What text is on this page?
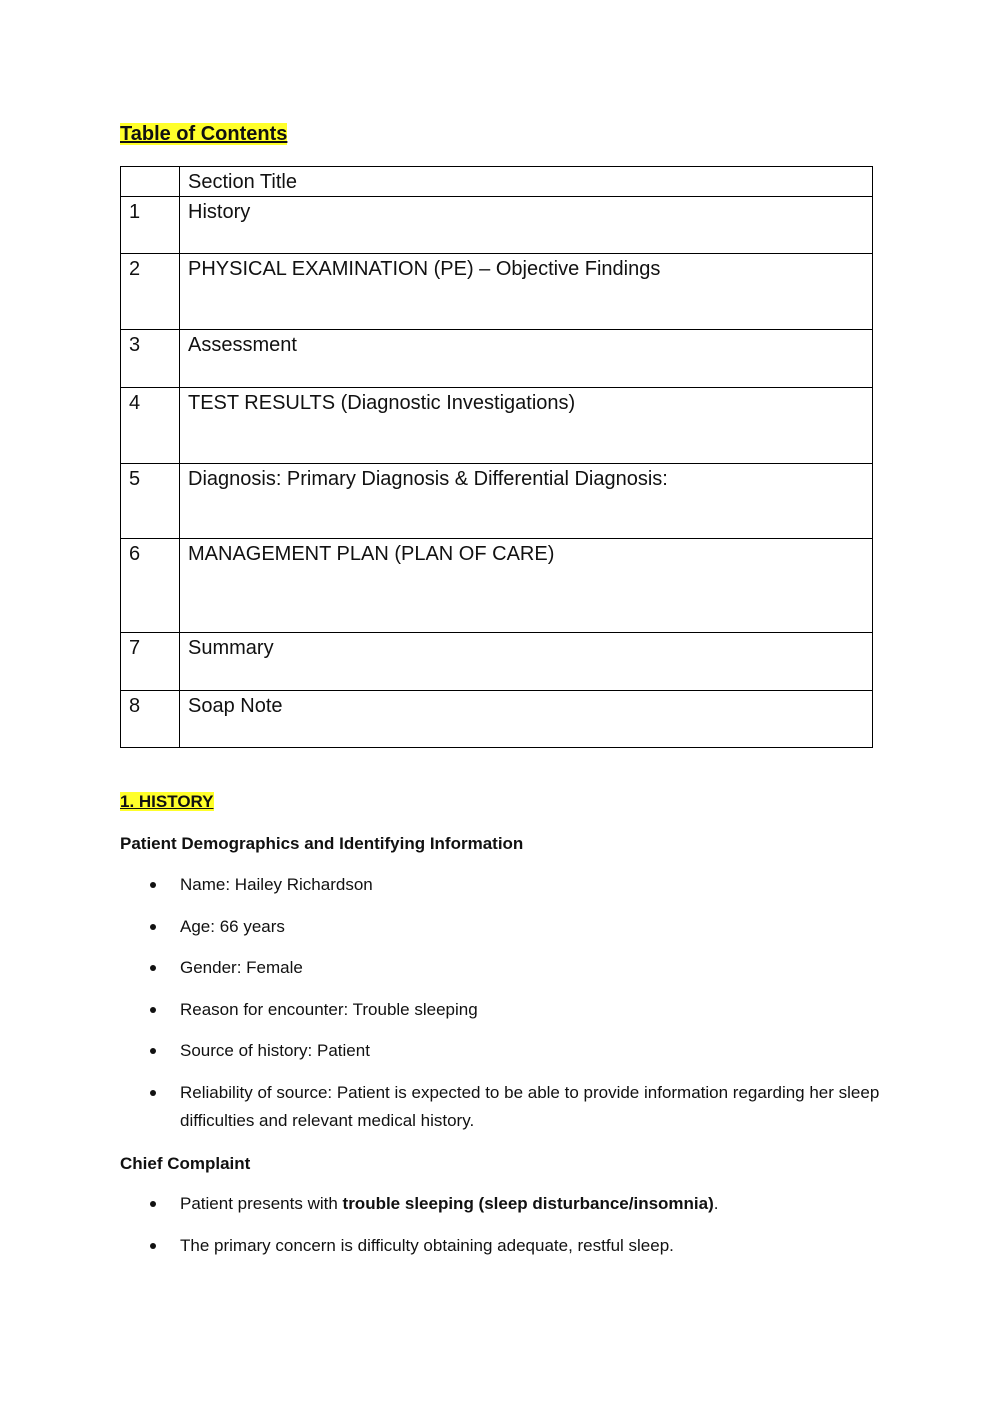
Table of Contents
	Section Title
1	History
2	PHYSICAL EXAMINATION (PE) – Objective Findings
3	Assessment
4	TEST RESULTS (Diagnostic Investigations)
5	Diagnosis: Primary Diagnosis & Differential Diagnosis:
6	MANAGEMENT PLAN (PLAN OF CARE)
7	Summary
8	Soap Note
1. HISTORY

Patient Demographics and Identifying Information

Name: Hailey Richardson
Age: 66 years
Gender: Female
Reason for encounter: Trouble sleeping
Source of history: Patient
Reliability of source: Patient is expected to be able to provide information regarding her sleep difficulties and relevant medical history.

Chief Complaint

Patient presents with trouble sleeping (sleep disturbance/insomnia).
The primary concern is difficulty obtaining adequate, restful sleep.
